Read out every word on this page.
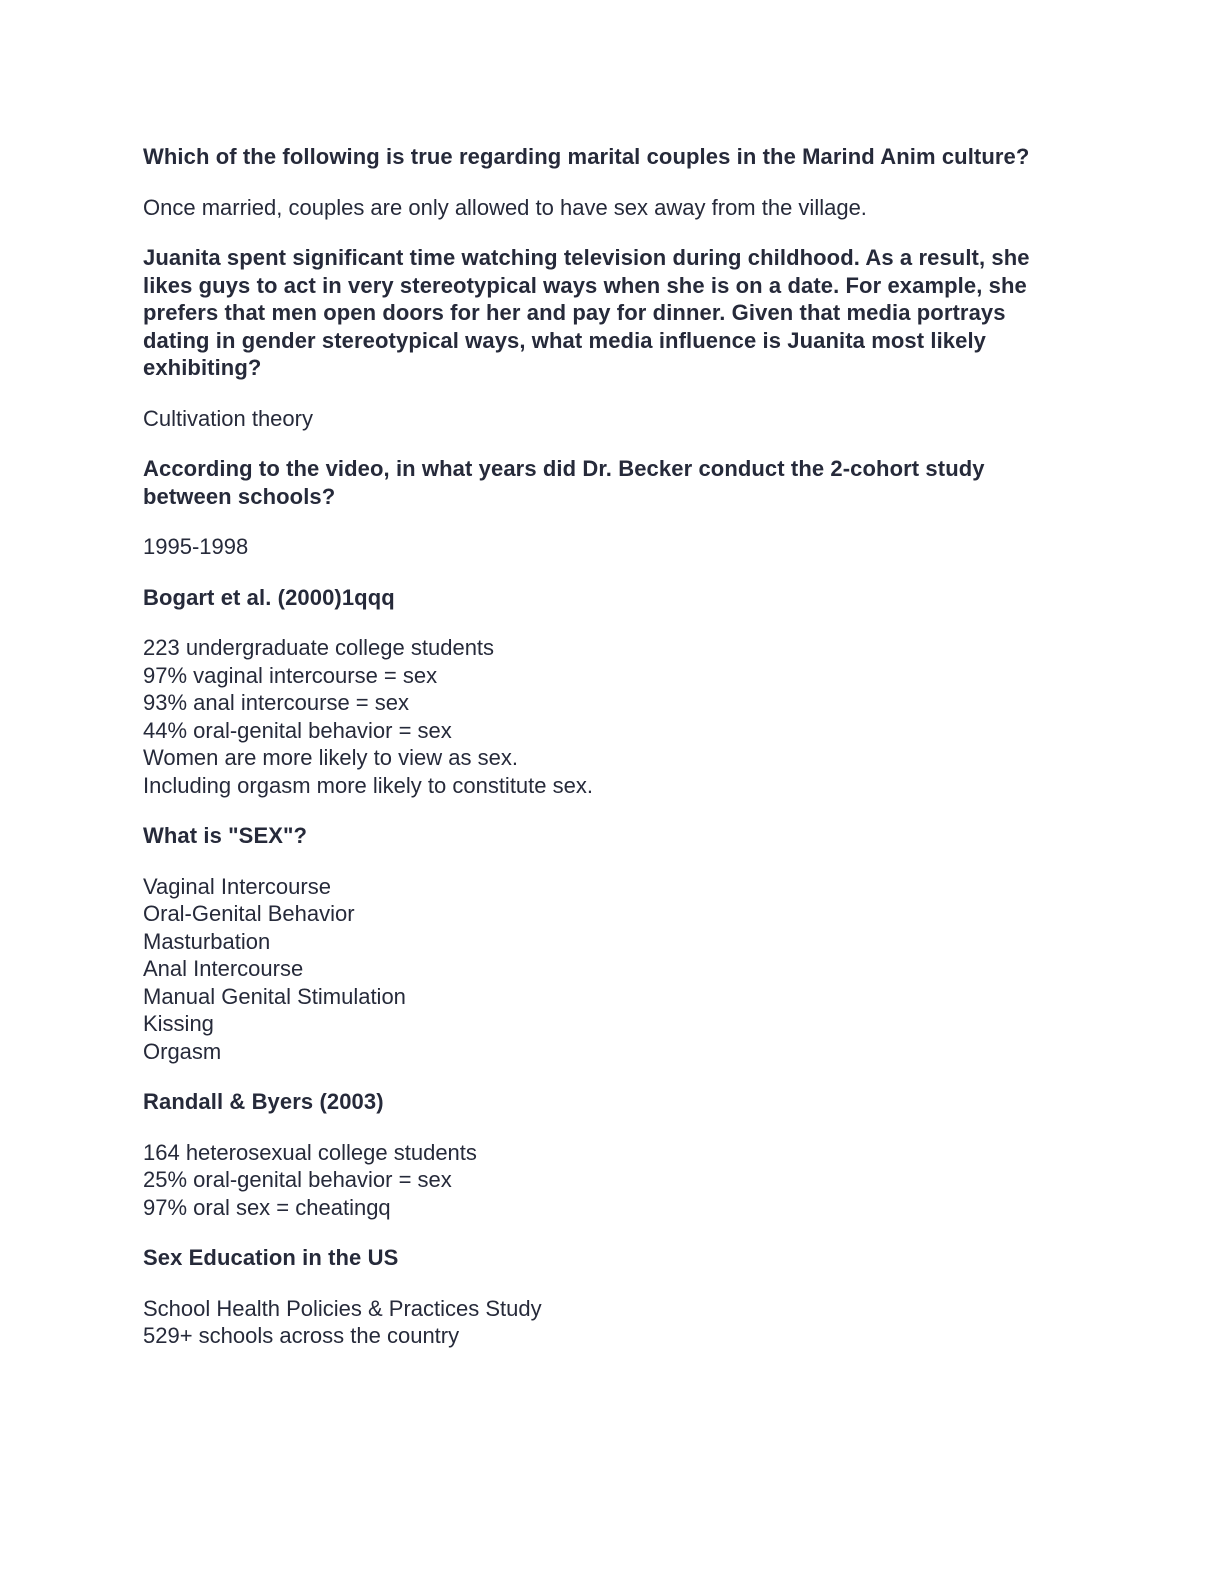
Which of the following is true regarding marital couples in the Marind Anim culture?

Once married, couples are only allowed to have sex away from the village.

Juanita spent significant time watching television during childhood. As a result, she likes guys to act in very stereotypical ways when she is on a date. For example, she prefers that men open doors for her and pay for dinner. Given that media portrays dating in gender stereotypical ways, what media influence is Juanita most likely exhibiting?

Cultivation theory

According to the video, in what years did Dr. Becker conduct the 2-cohort study between schools?

1995-1998

Bogart et al. (2000)1qqq

223 undergraduate college students
97% vaginal intercourse = sex
93% anal intercourse = sex
44% oral-genital behavior = sex
Women are more likely to view as sex.
Including orgasm more likely to constitute sex.

What is "SEX"?

Vaginal Intercourse
Oral-Genital Behavior
Masturbation
Anal Intercourse
Manual Genital Stimulation
Kissing
Orgasm

Randall & Byers (2003)

164 heterosexual college students
25% oral-genital behavior = sex
97% oral sex = cheatingq

Sex Education in the US

School Health Policies & Practices Study
529+ schools across the country
